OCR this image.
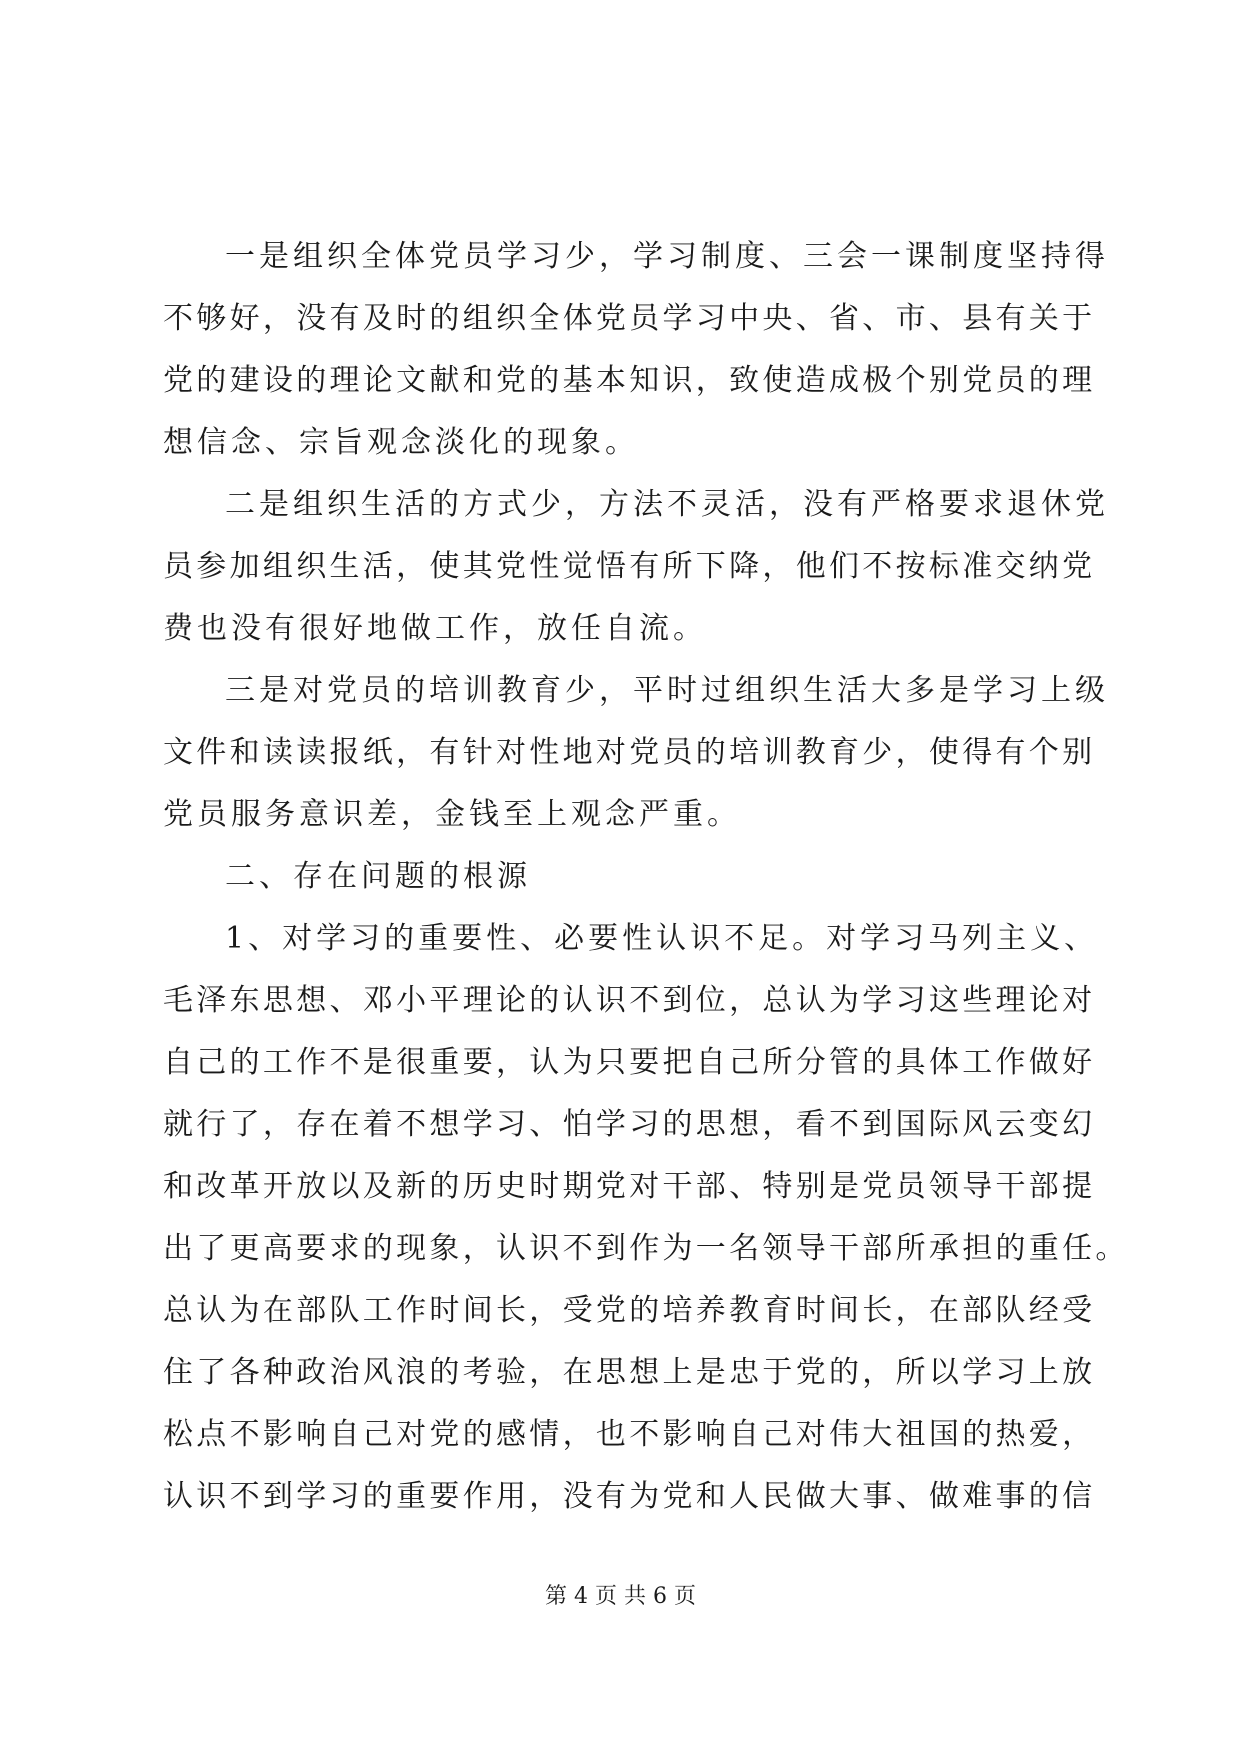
一是组织全体党员学习少，学习制度、三会一课制度坚持得
不够好，没有及时的组织全体党员学习中央、省、市、县有关于
党的建设的理论文献和党的基本知识，致使造成极个别党员的理
想信念、宗旨观念淡化的现象。
二是组织生活的方式少，方法不灵活，没有严格要求退休党
员参加组织生活，使其党性觉悟有所下降，他们不按标准交纳党
费也没有很好地做工作，放任自流。
三是对党员的培训教育少，平时过组织生活大多是学习上级
文件和读读报纸，有针对性地对党员的培训教育少，使得有个别
党员服务意识差，金钱至上观念严重。
二、存在问题的根源
1、对学习的重要性、必要性认识不足。对学习马列主义、
毛泽东思想、邓小平理论的认识不到位，总认为学习这些理论对
自己的工作不是很重要，认为只要把自己所分管的具体工作做好
就行了，存在着不想学习、怕学习的思想，看不到国际风云变幻
和改革开放以及新的历史时期党对干部、特别是党员领导干部提
出了更高要求的现象，认识不到作为一名领导干部所承担的重任。
总认为在部队工作时间长，受党的培养教育时间长，在部队经受
住了各种政治风浪的考验，在思想上是忠于党的，所以学习上放
松点不影响自己对党的感情，也不影响自己对伟大祖国的热爱，
认识不到学习的重要作用，没有为党和人民做大事、做难事的信
第 4 页 共 6 页
